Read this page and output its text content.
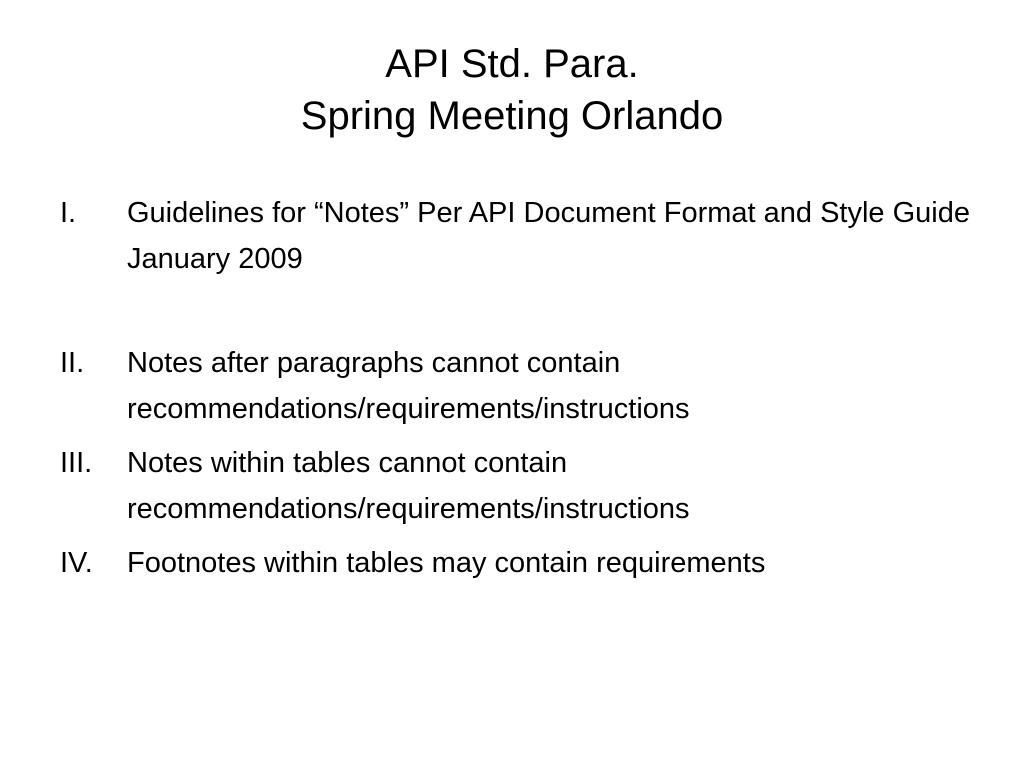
API Std. Para.
Spring Meeting Orlando
I.	Guidelines for “Notes” Per API Document Format and Style Guide January 2009
II.	Notes after paragraphs cannot contain recommendations/requirements/instructions
III.	Notes within tables cannot contain recommendations/requirements/instructions
IV.	Footnotes within tables may contain requirements
